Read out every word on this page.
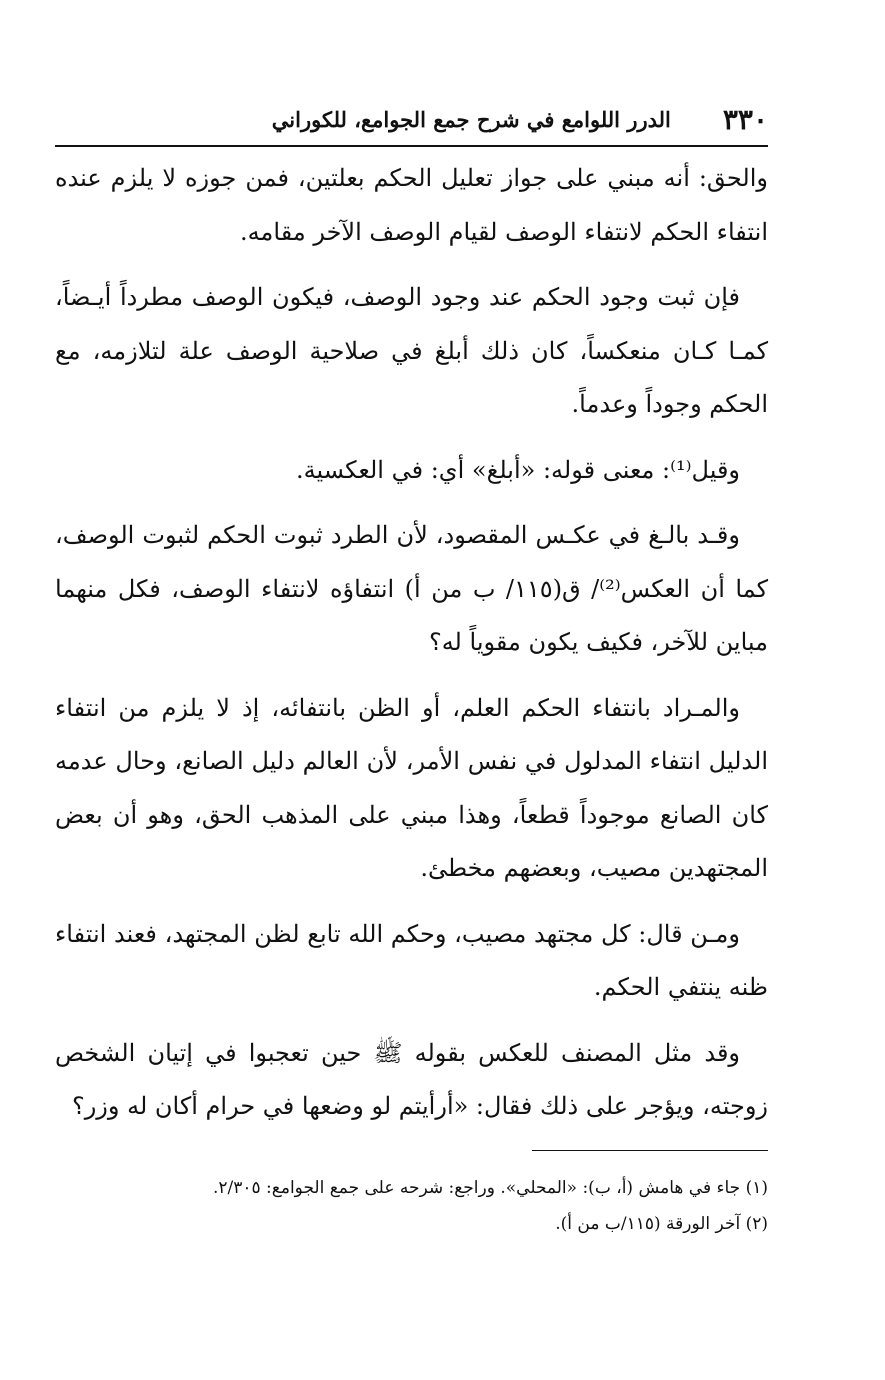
٣٣٠
الدرر اللوامع في شرح جمع الجوامع، للكوراني

والحق: أنه مبني على جواز تعليل الحكم بعلتين، فمن جوزه لا يلزم عنده انتفاء الحكم لانتفاء الوصف لقيام الوصف الآخر مقامه.

فإن ثبت وجود الحكم عند وجود الوصف، فيكون الوصف مطرداً أيـضاً، كمـا كـان منعكساً، كان ذلك أبلغ في صلاحية الوصف علة لتلازمه، مع الحكم وجوداً وعدماً.

وقيل⁽¹⁾: معنى قوله: «أبلغ» أي: في العكسية.

وقـد بالـغ في عكـس المقصود، لأن الطرد ثبوت الحكم لثبوت الوصف، كما أن العكس⁽²⁾/ ق(١١٥/ ب من أ) انتفاؤه لانتفاء الوصف، فكل منهما مباين للآخر، فكيف يكون مقوياً له؟

والمـراد بانتفاء الحكم العلم، أو الظن بانتفائه، إذ لا يلزم من انتفاء الدليل انتفاء المدلول في نفس الأمر، لأن العالم دليل الصانع، وحال عدمه كان الصانع موجوداً قطعاً، وهذا مبني على المذهب الحق، وهو أن بعض المجتهدين مصيب، وبعضهم مخطئ.

ومـن قال: كل مجتهد مصيب، وحكم الله تابع لظن المجتهد، فعند انتفاء ظنه ينتفي الحكم.

وقد مثل المصنف للعكس بقوله ﷺ حين تعجبوا في إتيان الشخص زوجته، ويؤجر على ذلك فقال: «أرأيتم لو وضعها في حرام أكان له وزر؟

(١) جاء في هامش (أ، ب): «المحلي». وراجع: شرحه على جمع الجوامع: ٢/٣٠٥.

(٢) آخر الورقة (١١٥/ب من أ).
